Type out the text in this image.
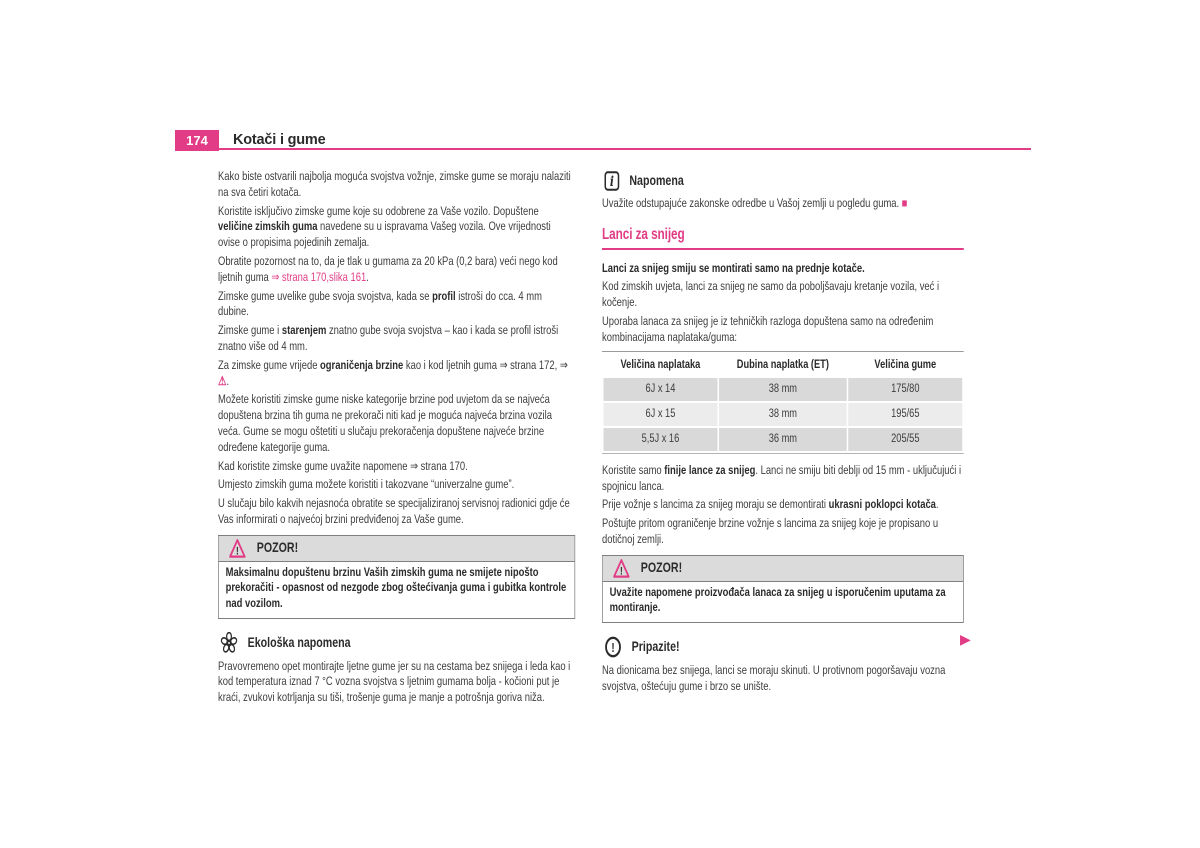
174	Kotači i gume

Kako biste ostvarili najbolja moguća svojstva vožnje, zimske gume se moraju nalaziti na sva četiri kotača.

Koristite isključivo zimske gume koje su odobrene za Vaše vozilo. Dopuštene veličine zimskih guma navedene su u ispravama Vašeg vozila. Ove vrijednosti ovise o propisima pojedinih zemalja.

Obratite pozornost na to, da je tlak u gumama za 20 kPa (0,2 bara) veći nego kod ljetnih guma ⇒ strana 170,slika 161.

Zimske gume uvelike gube svoja svojstva, kada se profil istroši do cca. 4 mm dubine.

Zimske gume i starenjem znatno gube svoja svojstva – kao i kada se profil istroši znatno više od 4 mm.

Za zimske gume vrijede ograničenja brzine kao i kod ljetnih guma ⇒ strana 172, ⇒ ⚠.

Možete koristiti zimske gume niske kategorije brzine pod uvjetom da se najveća dopuštena brzina tih guma ne prekorači niti kad je moguća najveća brzina vozila veća. Gume se mogu oštetiti u slučaju prekoračenja dopuštene najveće brzine određene kategorije guma.

Kad koristite zimske gume uvažite napomene ⇒ strana 170.

Umjesto zimskih guma možete koristiti i takozvane “univerzalne gume”.

U slučaju bilo kakvih nejasnoća obratite se specijaliziranoj servisnoj radionici gdje će Vas informirati o najvećoj brzini predviđenoj za Vaše gume.

! POZOR!
Maksimalnu dopuštenu brzinu Vaših zimskih guma ne smijete nipošto prekoračiti - opasnost od nezgode zbog oštećivanja guma i gubitka kontrole nad vozilom.
Ekološka napomena

Pravovremeno opet montirajte ljetne gume jer su na cestama bez snijega i leda kao i kod temperatura iznad 7 °C vozna svojstva s ljetnim gumama bolja - kočioni put je kraći, zvukovi kotrljanja su tiši, trošenje guma je manje a potrošnja goriva niža.

i Napomena

Uvažite odstupajuće zakonske odredbe u Vašoj zemlji u pogledu guma. ■

Lanci za snijeg

Lanci za snijeg smiju se montirati samo na prednje kotače.

Kod zimskih uvjeta, lanci za snijeg ne samo da poboljšavaju kretanje vozila, već i kočenje.

Uporaba lanaca za snijeg je iz tehničkih razloga dopuštena samo na određenim kombinacijama naplataka/guma:

Veličina naplataka	Dubina naplatka (ET)	Veličina gume
6J x 14	38 mm	175/80
6J x 15	38 mm	195/65
5,5J x 16	36 mm	205/55

Koristite samo finije lance za snijeg. Lanci ne smiju biti deblji od 15 mm - uključujući i spojnicu lanca.

Prije vožnje s lancima za snijeg moraju se demontirati ukrasni poklopci kotača.

Poštujte pritom ograničenje brzine vožnje s lancima za snijeg koje je propisano u dotičnoj zemlji.

! POZOR!
Uvažite napomene proizvođača lanaca za snijeg u isporučenim uputama za montiranje.
! Pripazite!

Na dionicama bez snijega, lanci se moraju skinuti. U protivnom pogoršavaju vozna svojstva, oštećuju gume i brzo se unište.

▶
